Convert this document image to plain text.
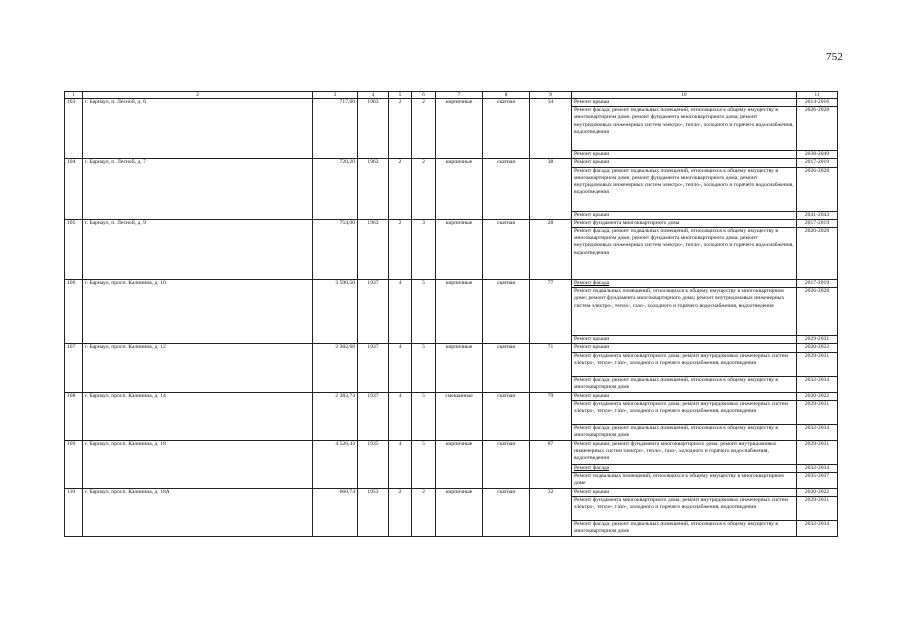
752
1	2	3	4	5	6	7	8	9	10	11
103	г. Барнаул, п. Лесной, д. 6	717,60	1963	2	2	кирпичные	скатная	34	Ремонт крыши	2014-2016
									Ремонт фасада; ремонт подвальных помещений, относящихся к общему имуществу в многоквартирном доме; ремонт фундамента многоквартирного дома; ремонт внутридомовых инженерных систем электро-, тепло-, холодного и горячего водоснабжения, водоотведения	2026-2028
									Ремонт крыши	2038-2040
104	г. Барнаул, п. Лесной, д. 7	720,20	1963	2	2	кирпичные	скатная	38	Ремонт крыши	2017-2019
									Ремонт фасада; ремонт подвальных помещений, относящихся к общему имуществу в многоквартирном доме; ремонт фундамента многоквартирного дома; ремонт внутридомовых инженерных систем электро-, тепло-, холодного и горячего водоснабжения, водоотведения	2026-2028
									Ремонт крыши	2041-2043
105	г. Барнаул, п. Лесной, д. 9	754,00	1963	2	3	кирпичные	скатная	28	Ремонт фундамента многоквартирного дома	2017-2019
									Ремонт фасада; ремонт подвальных помещений, относящихся к общему имуществу в многоквартирном доме; ремонт фундамента многоквартирного дома; ремонт внутридомовых инженерных систем электро-, тепло-, холодного и горячего водоснабжения, водоотведения	2026-2028
106	г. Барнаул, просп. Калинина, д. 10	3 590,50	1937	4	5	кирпичные	скатная	77	Ремонт фасада	2017-2019
									Ремонт подвальных помещений, относящихся к общему имуществу в многоквартирном доме; ремонт фундамента многоквартирного дома; ремонт внутридомовых инженерных систем электро-, тепло-, газо-, холодного и горячего водоснабжения, водоотведения	2026-2028
									Ремонт крыши	2029-2031
107	г. Барнаул, просп. Калинина, д. 12	2 382,68	1937	4	5	кирпичные	скатная	71	Ремонт крыши	2020-2022
									Ремонт фундамента многоквартирного дома; ремонт внутридомовых инженерных систем электро-, тепло-, газо-, холодного и горячего водоснабжения, водоотведения	2029-2031
									Ремонт фасада; ремонт подвальных помещений, относящихся к общему имуществу в многоквартирном доме	2032-2034
108	г. Барнаул, просп. Калинина, д. 14	2 383,73	1937	4	5	смешанные	скатная	79	Ремонт крыши	2020-2022
									Ремонт фундамента многоквартирного дома; ремонт внутридомовых инженерных систем электро-, тепло-, газо-, холодного и горячего водоснабжения, водоотведения	2029-2031
									Ремонт фасада; ремонт подвальных помещений, относящихся к общему имуществу в многоквартирном доме	2032-2034
109	г. Барнаул, просп. Калинина, д. 18	4 526,43	1935	4	5	кирпичные	скатная	87	Ремонт крыши; ремонт фундамента многоквартирного дома; ремонт внутридомовых инженерных систем электро-, тепло-, газо-, холодного и горячего водоснабжения, водоотведения	2029-2031
									Ремонт фасада	2032-2034
									Ремонт подвальных помещений, относящихся к общему имуществу в многоквартирном доме	2035-2037
110	г. Барнаул, просп. Калинина, д. 18А	660,74	1953	2	2	кирпичные	скатная	32	Ремонт крыши	2020-2022
									Ремонт фундамента многоквартирного дома; ремонт внутридомовых инженерных систем электро-, тепло-, газо-, холодного и горячего водоснабжения, водоотведения	2029-2031
									Ремонт фасада; ремонт подвальных помещений, относящихся к общему имуществу в многоквартирном доме	2032-2034
